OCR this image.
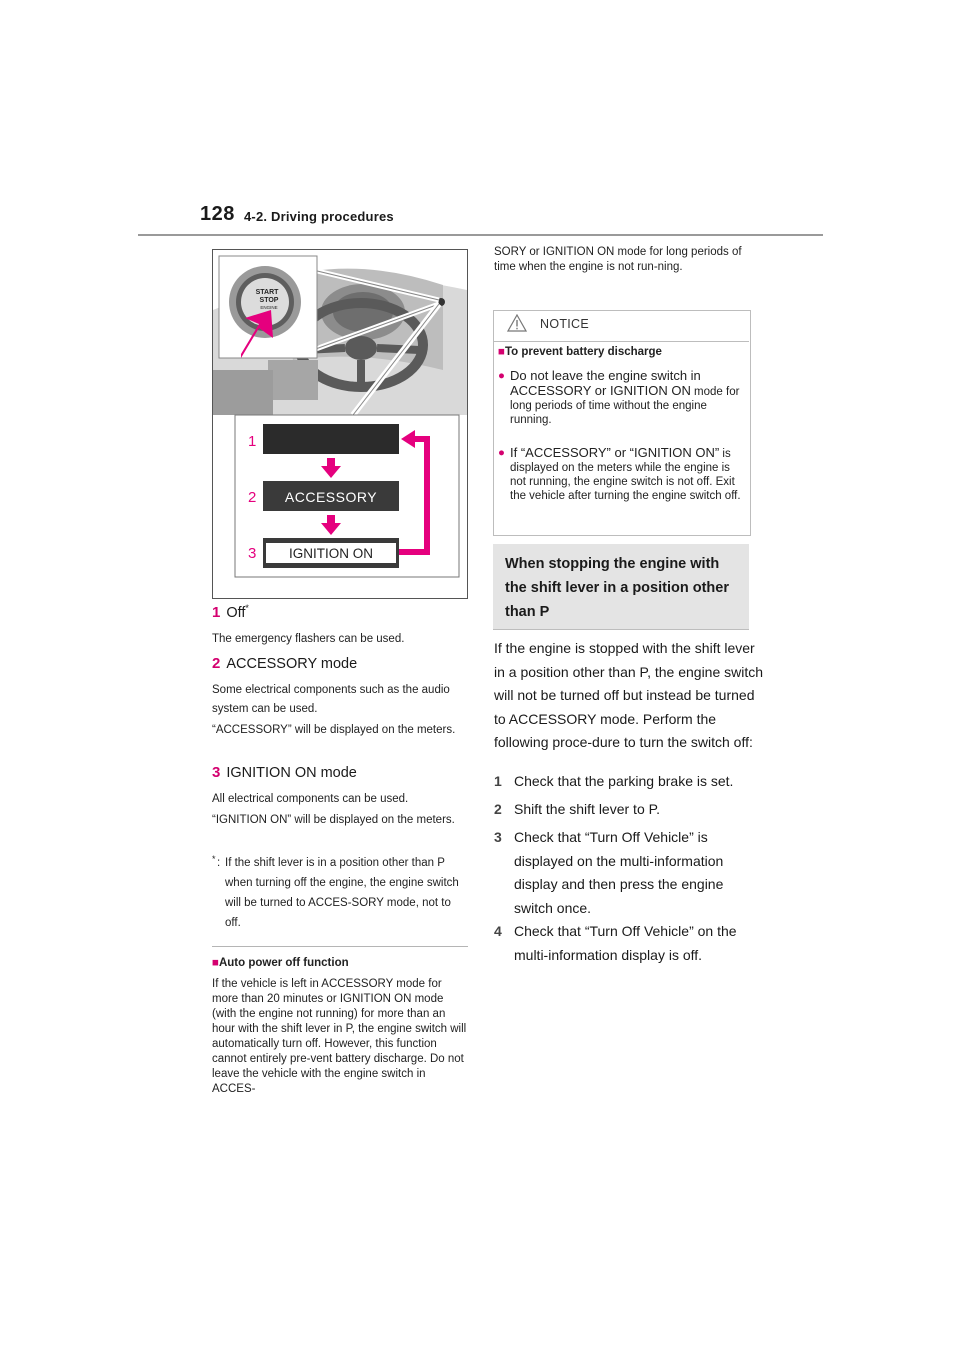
128 4-2. Driving procedures
START
STOP
ENGINE
1
2
3
ACCESSORY
IGNITION ON
1 Off*
The emergency flashers can be used.
2 ACCESSORY mode
Some electrical components such as the audio system can be used.
“ACCESSORY” will be displayed on the meters.
3 IGNITION ON mode
All electrical components can be used.
“IGNITION ON” will be displayed on the meters.
* : If the shift lever is in a position other than P when turning off the engine, the engine switch will be turned to ACCES-SORY mode, not to off.
■Auto power off function
If the vehicle is left in ACCESSORY mode for more than 20 minutes or IGNITION ON mode (with the engine not running) for more than an hour with the shift lever in P, the engine switch will automatically turn off. However, this function cannot entirely pre-vent battery discharge. Do not leave the vehicle with the engine switch in ACCES-
SORY or IGNITION ON mode for long periods of time when the engine is not run-ning.
NOTICE
■To prevent battery discharge
● Do not leave the engine switch in ACCESSORY or IGNITION ON mode for long periods of time without the engine running.
● If “ACCESSORY” or “IGNITION ON” is displayed on the meters while the engine is not running, the engine switch is not off. Exit the vehicle after turning the engine switch off.
When stopping the engine with the shift lever in a position other than P
If the engine is stopped with the shift lever in a position other than P, the engine switch will not be turned off but instead be turned to ACCESSORY mode. Perform the following proce-dure to turn the switch off:
1 Check that the parking brake is set.
2 Shift the shift lever to P.
3 Check that “Turn Off Vehicle” is displayed on the multi-information display and then press the engine switch once.
4 Check that “Turn Off Vehicle” on the multi-information display is off.
